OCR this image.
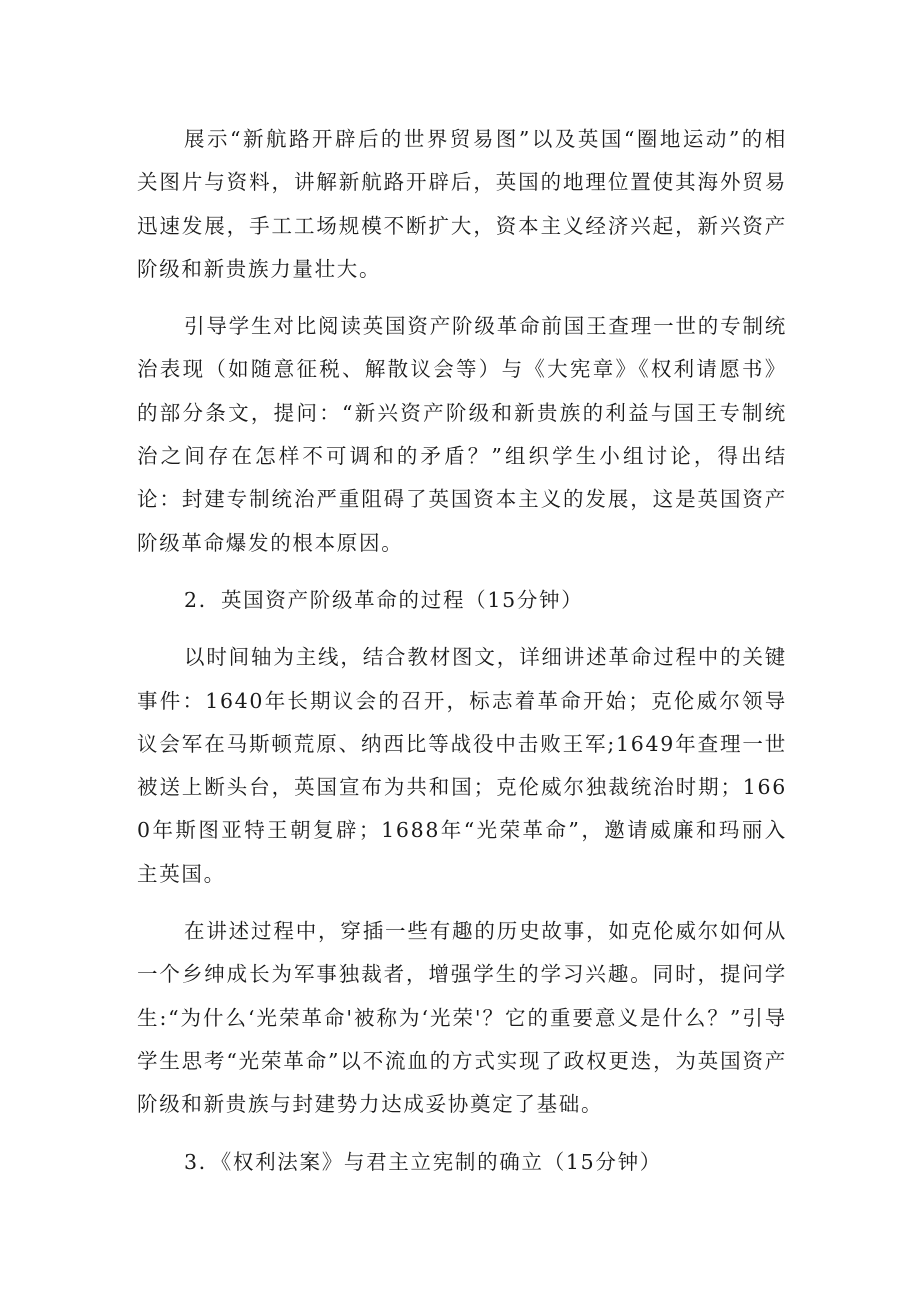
展示“新航路开辟后的世界贸易图”以及英国“圈地运动”的相关图片与资料，讲解新航路开辟后，英国的地理位置使其海外贸易迅速发展，手工工场规模不断扩大，资本主义经济兴起，新兴资产阶级和新贵族力量壮大。

引导学生对比阅读英国资产阶级革命前国王查理一世的专制统治表现（如随意征税、解散议会等）与《大宪章》《权利请愿书》的部分条文，提问：“新兴资产阶级和新贵族的利益与国王专制统治之间存在怎样不可调和的矛盾？”组织学生小组讨论，得出结论：封建专制统治严重阻碍了英国资本主义的发展，这是英国资产阶级革命爆发的根本原因。

2．英国资产阶级革命的过程（15分钟）

以时间轴为主线，结合教材图文，详细讲述革命过程中的关键事件：1640年长期议会的召开，标志着革命开始；克伦威尔领导议会军在马斯顿荒原、纳西比等战役中击败王军;1649年查理一世被送上断头台，英国宣布为共和国；克伦威尔独裁统治时期；1660年斯图亚特王朝复辟；1688年“光荣革命”，邀请威廉和玛丽入主英国。

在讲述过程中，穿插一些有趣的历史故事，如克伦威尔如何从一个乡绅成长为军事独裁者，增强学生的学习兴趣。同时，提问学生:“为什么‘光荣革命'被称为‘光荣'？它的重要意义是什么？”引导学生思考“光荣革命”以不流血的方式实现了政权更迭，为英国资产阶级和新贵族与封建势力达成妥协奠定了基础。

3．《权利法案》与君主立宪制的确立（15分钟）
